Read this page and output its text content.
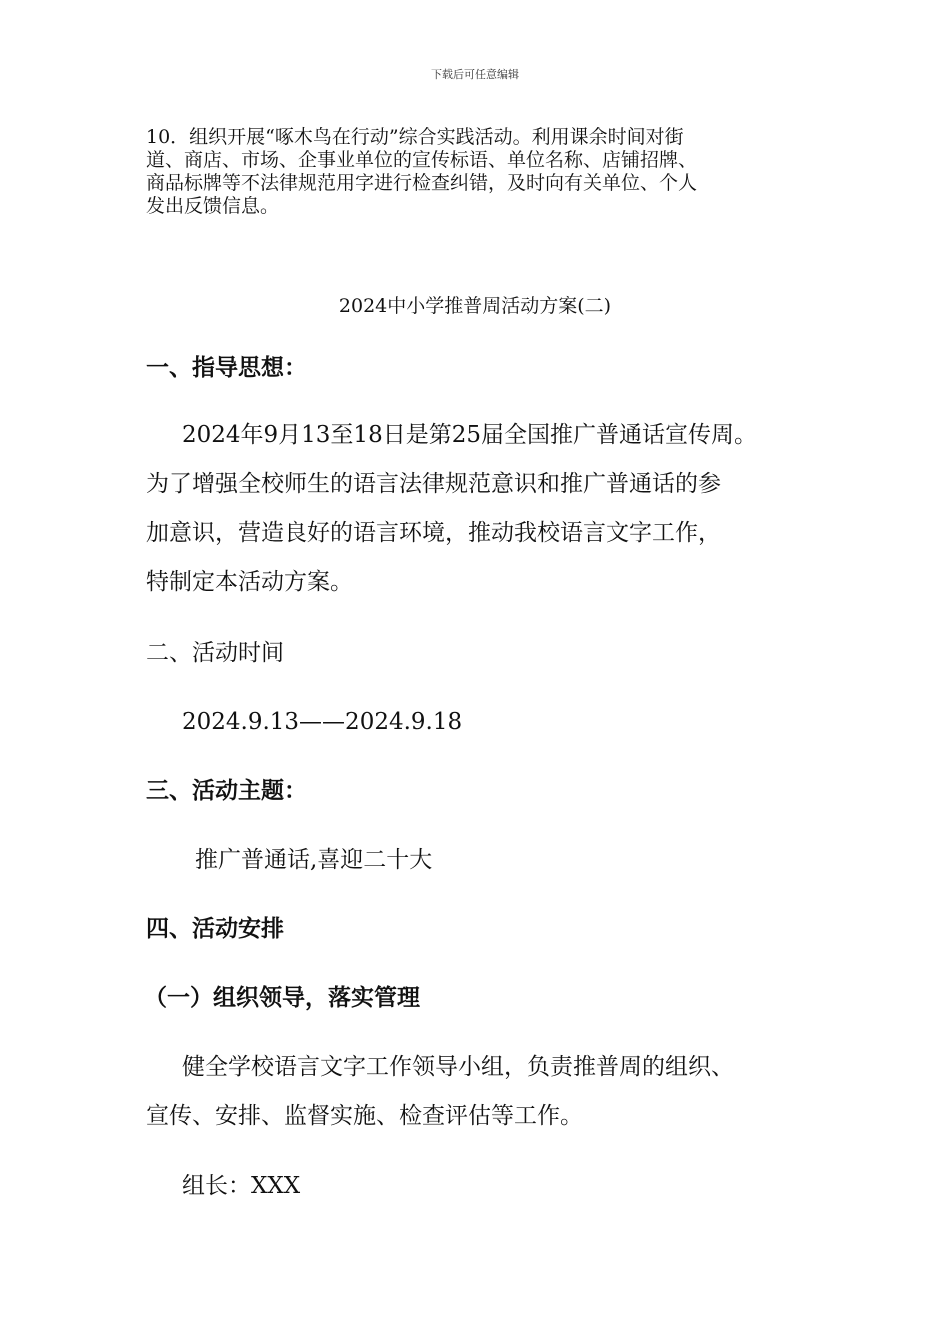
下载后可任意编辑
10．组织开展“啄木鸟在行动”综合实践活动。利用课余时间对街
道、商店、市场、企事业单位的宣传标语、单位名称、店铺招牌、
商品标牌等不法律规范用字进行检查纠错，及时向有关单位、个人
发出反馈信息。
2024中小学推普周活动方案(二)
一、指导思想：
2024年9月13至18日是第25届全国推广普通话宣传周。
为了增强全校师生的语言法律规范意识和推广普通话的参
加意识，营造良好的语言环境，推动我校语言文字工作，
特制定本活动方案。
二、活动时间
2024.9.13——2024.9.18
三、活动主题：
推广普通话,喜迎二十大
四、活动安排
（一）组织领导，落实管理
健全学校语言文字工作领导小组，负责推普周的组织、
宣传、安排、监督实施、检查评估等工作。
组长：XXX
